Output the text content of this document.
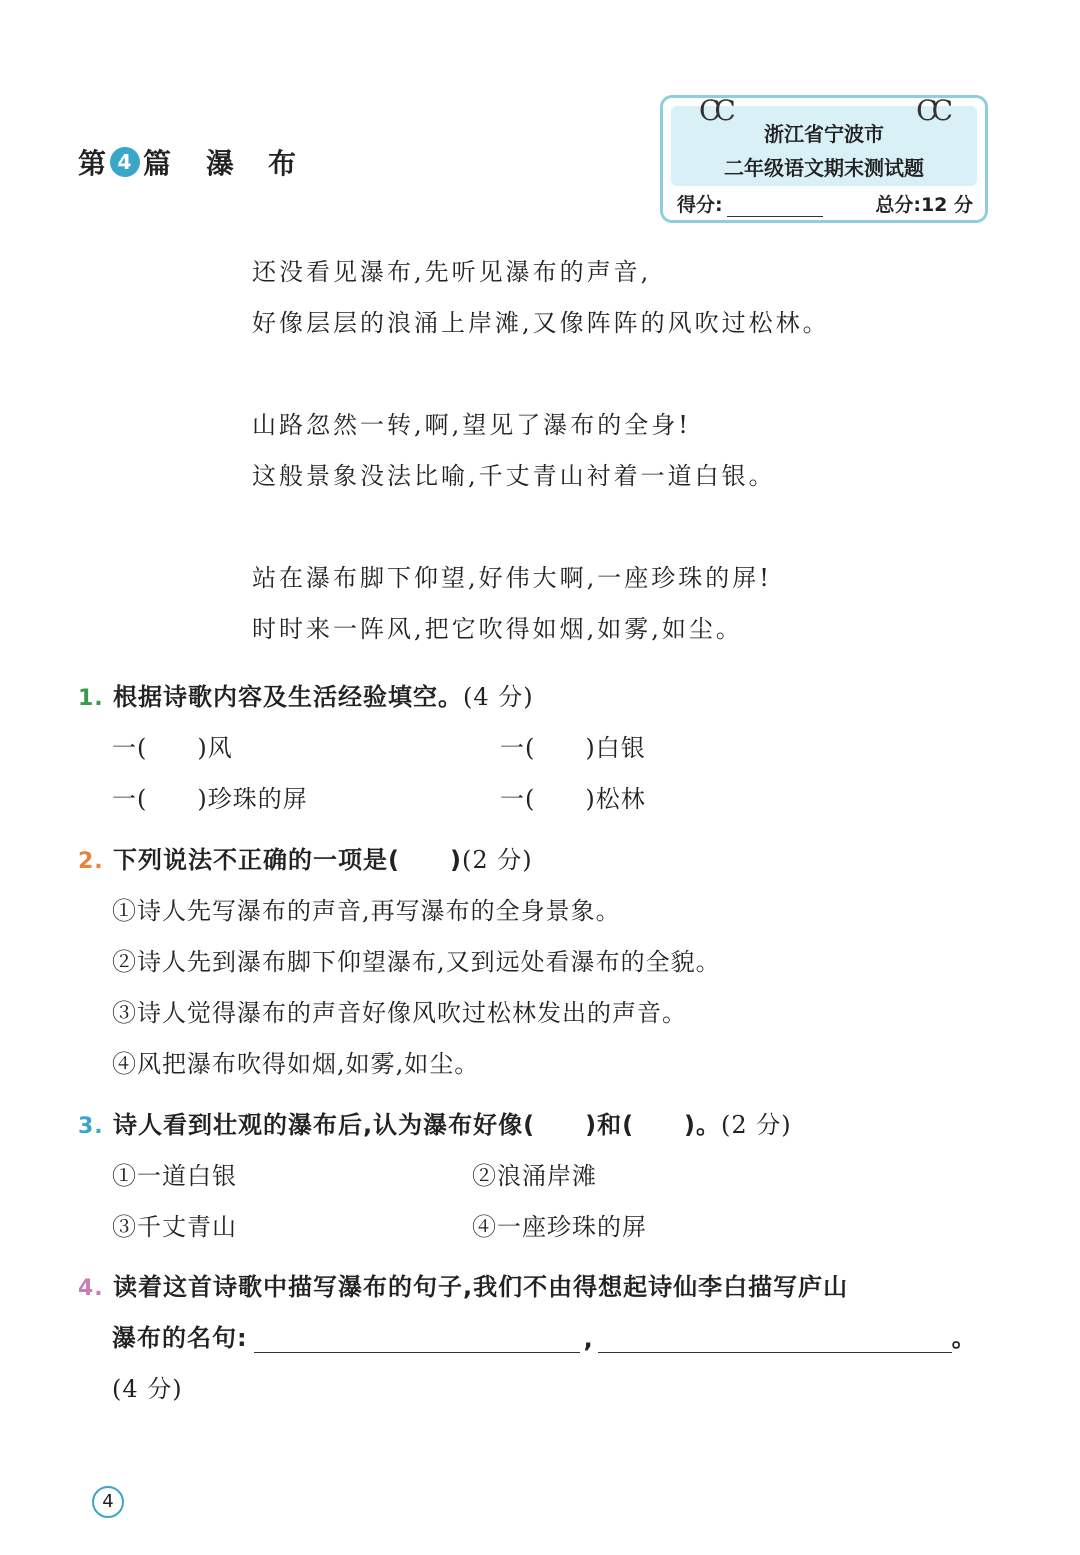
第 4 篇 瀑布
CC	CC
浙江省宁波市
二年级语文期末测试题
得分:	总分:12 分
还没看见瀑布,先听见瀑布的声音,
好像层层的浪涌上岸滩,又像阵阵的风吹过松林。
山路忽然一转,啊,望见了瀑布的全身!
这般景象没法比喻,千丈青山衬着一道白银。
站在瀑布脚下仰望,好伟大啊,一座珍珠的屏!
时时来一阵风,把它吹得如烟,如雾,如尘。
1. 根据诗歌内容及生活经验填空。(4 分)
一(　　)风	一(　　)白银
一(　　)珍珠的屏	一(　　)松林
2. 下列说法不正确的一项是(　　)(2 分)
①诗人先写瀑布的声音,再写瀑布的全身景象。
②诗人先到瀑布脚下仰望瀑布,又到远处看瀑布的全貌。
③诗人觉得瀑布的声音好像风吹过松林发出的声音。
④风把瀑布吹得如烟,如雾,如尘。
3. 诗人看到壮观的瀑布后,认为瀑布好像(　　)和(　　)。(2 分)
①一道白银	②浪涌岸滩
③千丈青山	④一座珍珠的屏
4. 读着这首诗歌中描写瀑布的句子,我们不由得想起诗仙李白描写庐山
瀑布的名句:	,	。
(4 分)
4
